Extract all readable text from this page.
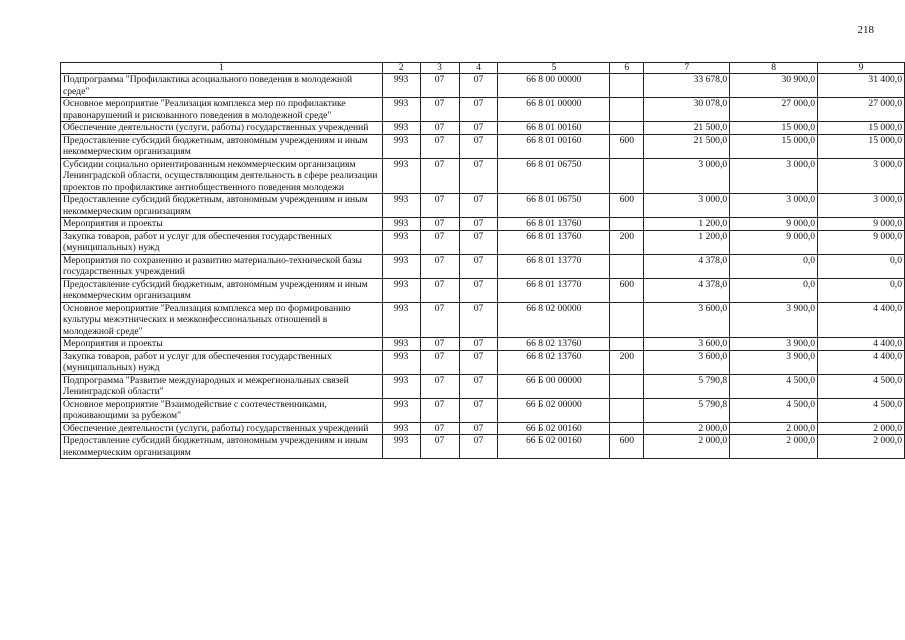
218
1	2	3	4	5	6	7	8	9
Подпрограмма "Профилактика асоциального поведения в молодежной среде"	993	07	07	66 8 00 00000		33 678,0	30 900,0	31 400,0
Основное мероприятие "Реализация комплекса мер по профилактике правонарушений и рискованного поведения в молодежной среде"	993	07	07	66 8 01 00000		30 078,0	27 000,0	27 000,0
Обеспечение деятельности (услуги, работы) государственных учреждений	993	07	07	66 8 01 00160		21 500,0	15 000,0	15 000,0
Предоставление субсидий бюджетным, автономным учреждениям и иным некоммерческим организациям	993	07	07	66 8 01 00160	600	21 500,0	15 000,0	15 000,0
Субсидии социально ориентированным некоммерческим организациям Ленинградской области, осуществляющим деятельность в сфере реализации проектов по профилактике антиобщественного поведения молодежи	993	07	07	66 8 01 06750		3 000,0	3 000,0	3 000,0
Предоставление субсидий бюджетным, автономным учреждениям и иным некоммерческим организациям	993	07	07	66 8 01 06750	600	3 000,0	3 000,0	3 000,0
Мероприятия и проекты	993	07	07	66 8 01 13760		1 200,0	9 000,0	9 000,0
Закупка товаров, работ и услуг для обеспечения государственных (муниципальных) нужд	993	07	07	66 8 01 13760	200	1 200,0	9 000,0	9 000,0
Мероприятия по сохранению и развитию материально-технической базы государственных учреждений	993	07	07	66 8 01 13770		4 378,0	0,0	0,0
Предоставление субсидий бюджетным, автономным учреждениям и иным некоммерческим организациям	993	07	07	66 8 01 13770	600	4 378,0	0,0	0,0
Основное мероприятие "Реализация комплекса мер по формированию культуры межэтнических и межконфессиональных отношений в молодежной среде"	993	07	07	66 8 02 00000		3 600,0	3 900,0	4 400,0
Мероприятия и проекты	993	07	07	66 8 02 13760		3 600,0	3 900,0	4 400,0
Закупка товаров, работ и услуг для обеспечения государственных (муниципальных) нужд	993	07	07	66 8 02 13760	200	3 600,0	3 900,0	4 400,0
Подпрограмма "Развитие международных и межрегиональных связей Ленинградской области"	993	07	07	66 Б 00 00000		5 790,8	4 500,0	4 500,0
Основное мероприятие "Взаимодействие с соотечественниками, проживающими за рубежом"	993	07	07	66 Б 02 00000		5 790,8	4 500,0	4 500,0
Обеспечение деятельности (услуги, работы) государственных учреждений	993	07	07	66 Б 02 00160		2 000,0	2 000,0	2 000,0
Предоставление субсидий бюджетным, автономным учреждениям и иным некоммерческим организациям	993	07	07	66 Б 02 00160	600	2 000,0	2 000,0	2 000,0
